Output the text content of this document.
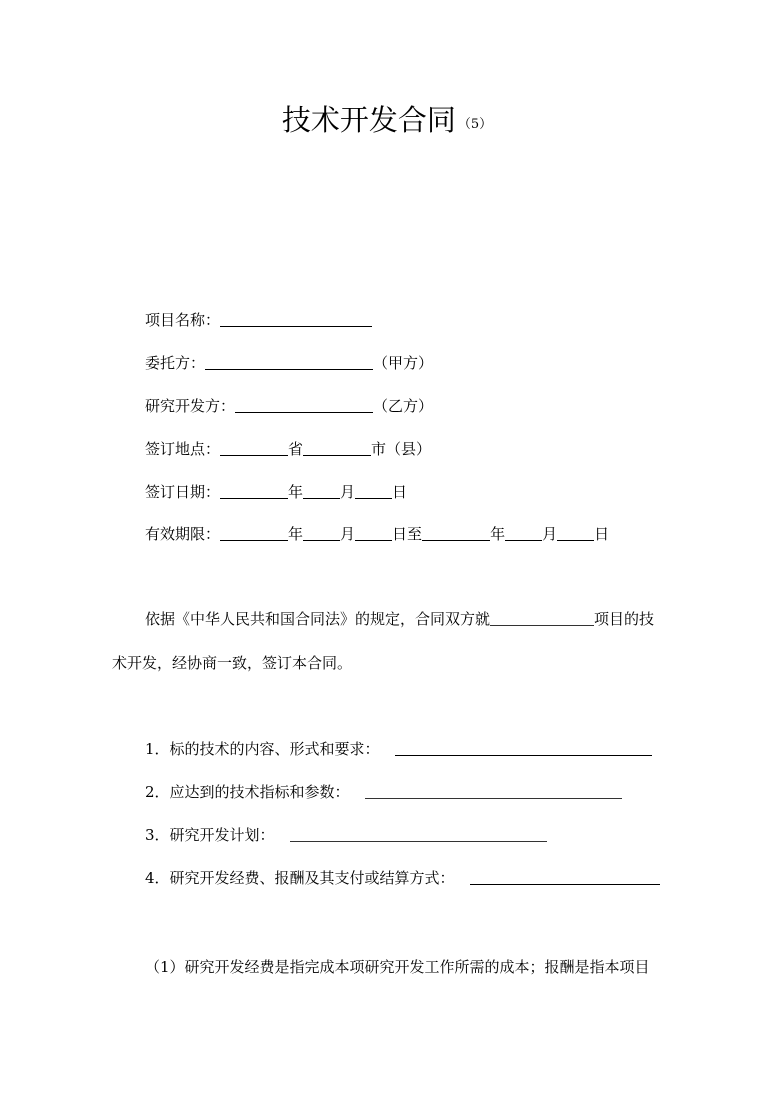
技术开发合同 （5）
项目名称：
委托方：	（甲方）
研究开发方：	（乙方）
签订地点：	省	市（县）
签订日期：	年 月 日
有效期限：	年 月 日至	年 月 日
依据《中华人民共和国合同法》的规定，合同双方就	项目的技
术开发，经协商一致，签订本合同。
1．标的技术的内容、形式和要求：
2．应达到的技术指标和参数：
3．研究开发计划：
4．研究开发经费、报酬及其支付或结算方式：
（1）研究开发经费是指完成本项研究开发工作所需的成本；报酬是指本项目
